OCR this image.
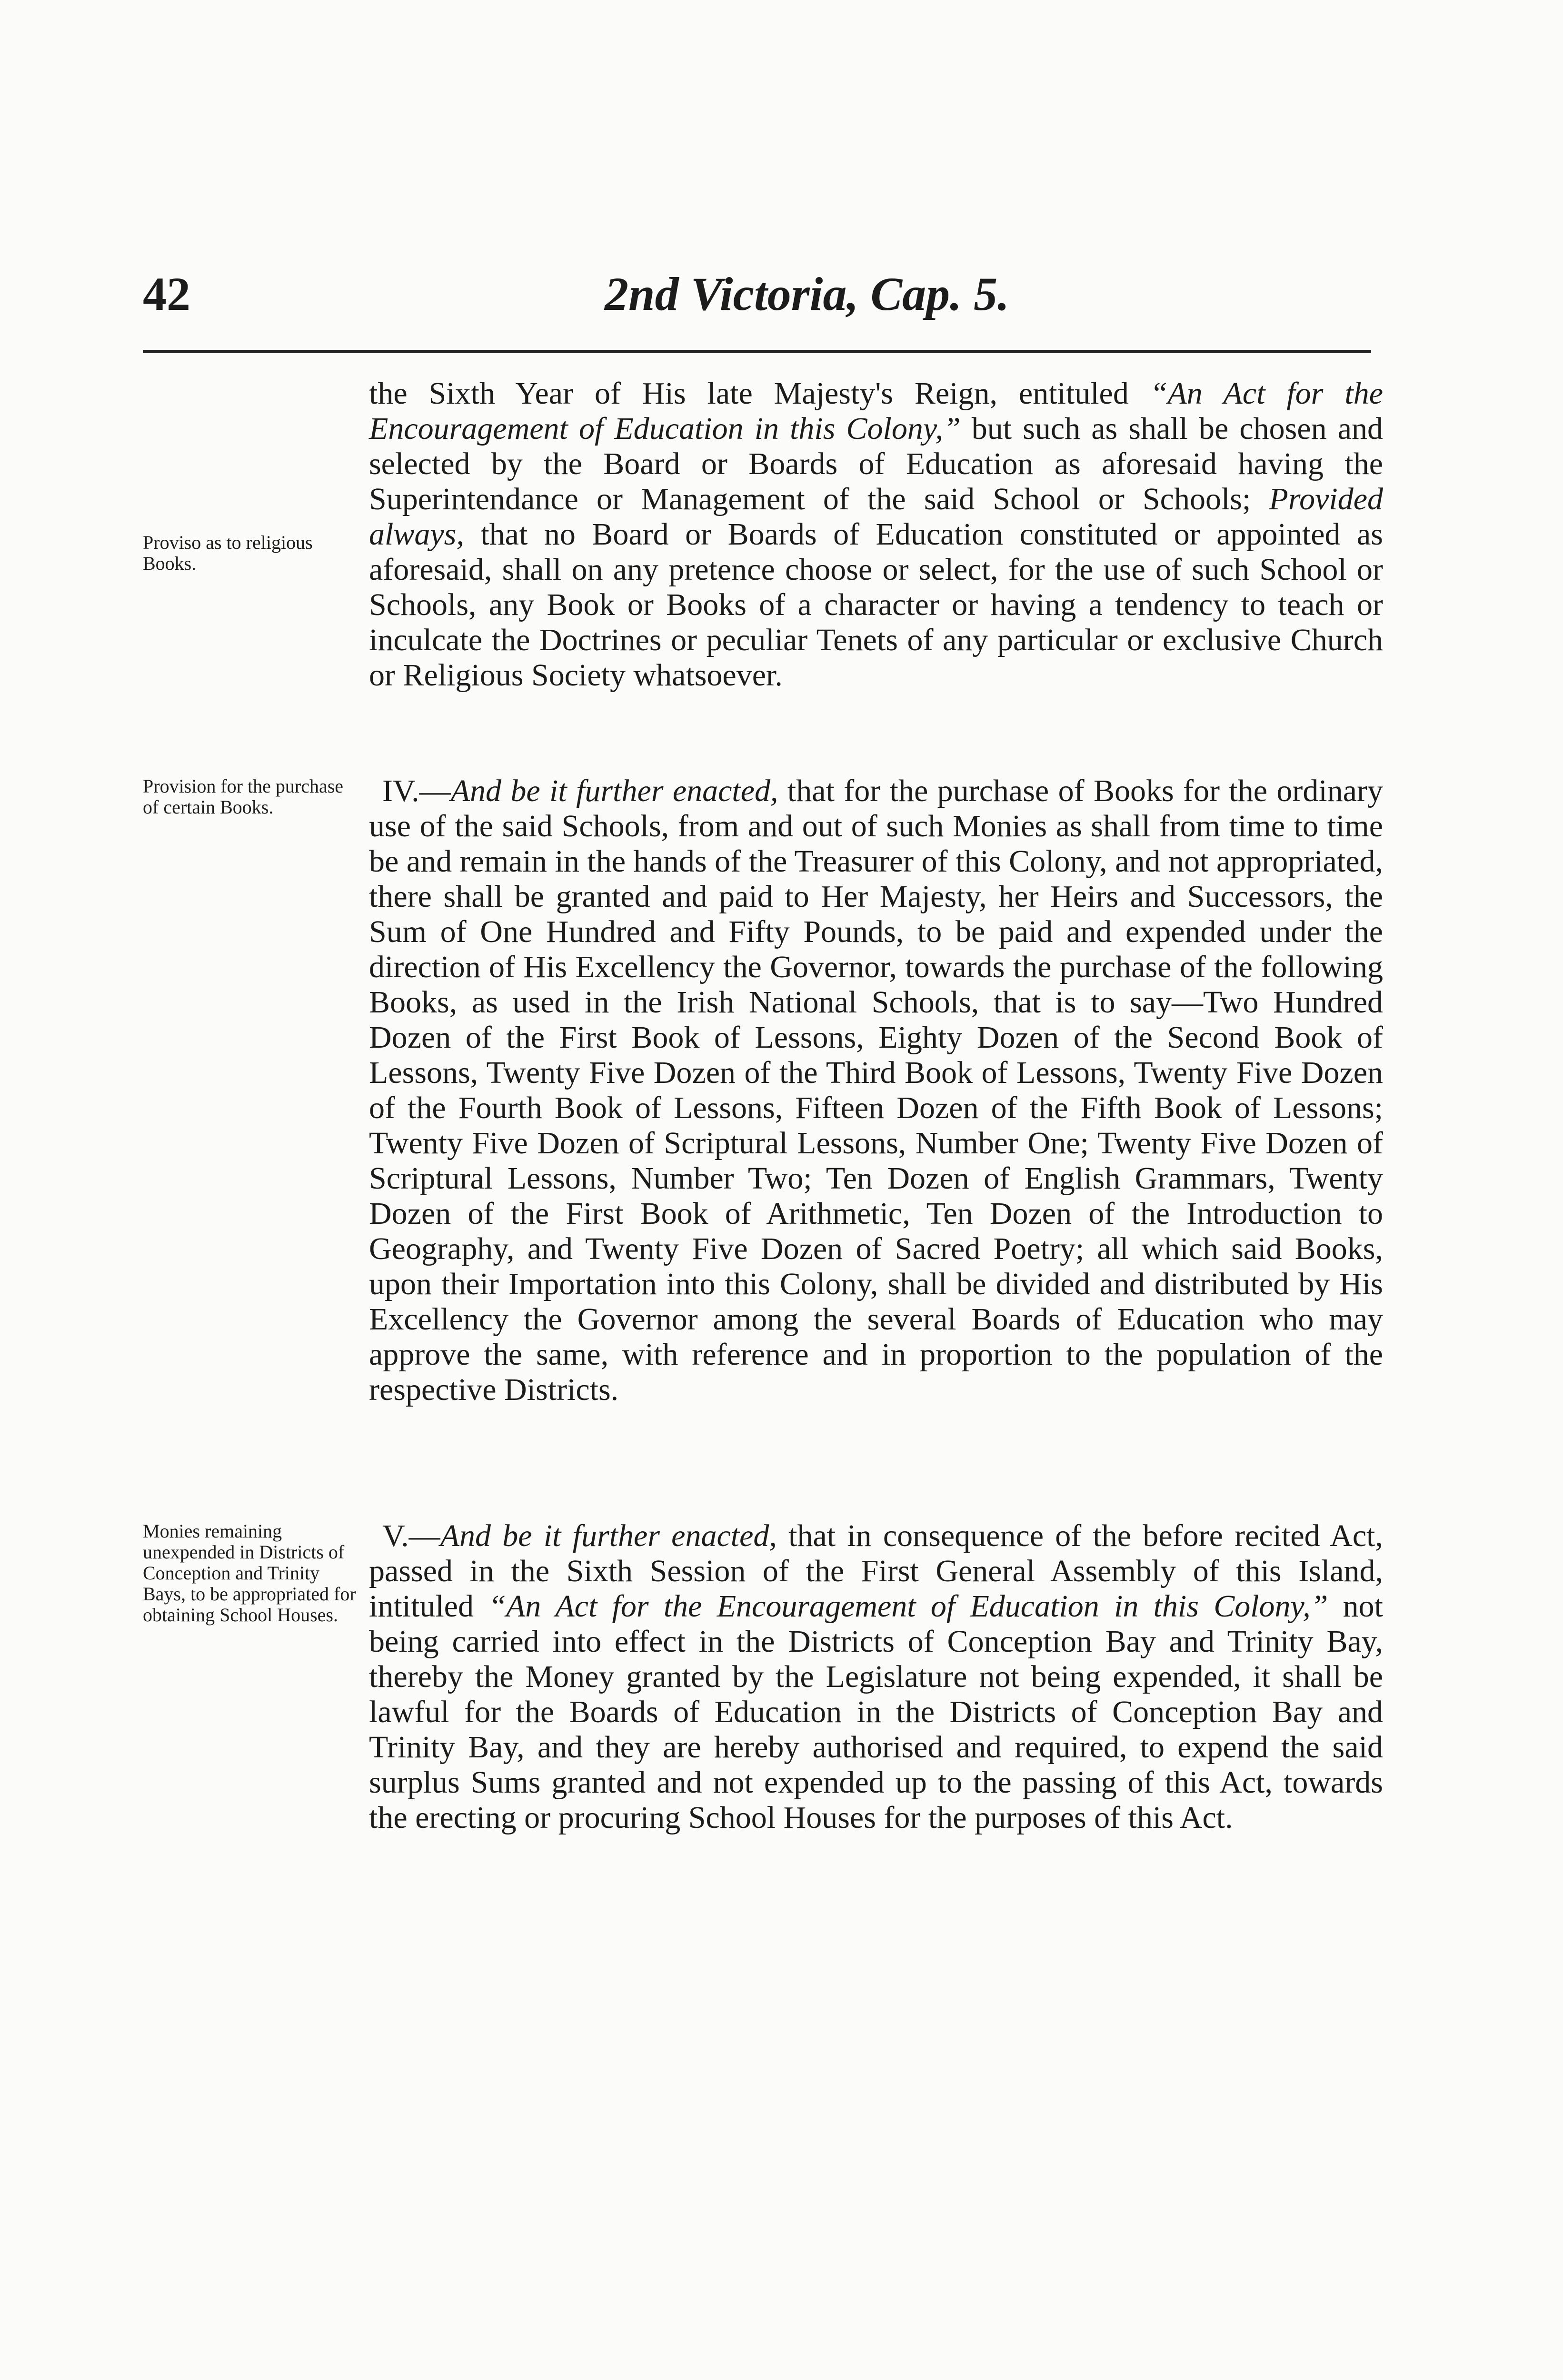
42	2nd Victoria, Cap. 5.

Proviso as to religious Books.

Provision for the purchase of certain Books.

Monies remaining unexpended in Districts of Conception and Trinity Bays, to be appropriated for obtaining School Houses.

the Sixth Year of His late Majesty's Reign, entituled “An Act for the Encouragement of Education in this Colony,” but such as shall be chosen and selected by the Board or Boards of Education as aforesaid having the Superintendance or Management of the said School or Schools; Provided always, that no Board or Boards of Education constituted or appointed as aforesaid, shall on any pretence choose or select, for the use of such School or Schools, any Book or Books of a character or having a tendency to teach or inculcate the Doctrines or peculiar Tenets of any particular or exclusive Church or Religious Society whatsoever.

IV.—And be it further enacted, that for the purchase of Books for the ordinary use of the said Schools, from and out of such Monies as shall from time to time be and remain in the hands of the Treasurer of this Colony, and not appropriated, there shall be granted and paid to Her Majesty, her Heirs and Successors, the Sum of One Hundred and Fifty Pounds, to be paid and expended under the direction of His Excellency the Governor, towards the purchase of the following Books, as used in the Irish National Schools, that is to say—Two Hundred Dozen of the First Book of Lessons, Eighty Dozen of the Second Book of Lessons, Twenty Five Dozen of the Third Book of Lessons, Twenty Five Dozen of the Fourth Book of Lessons, Fifteen Dozen of the Fifth Book of Lessons; Twenty Five Dozen of Scriptural Lessons, Number One; Twenty Five Dozen of Scriptural Lessons, Number Two; Ten Dozen of English Grammars, Twenty Dozen of the First Book of Arithmetic, Ten Dozen of the Introduction to Geography, and Twenty Five Dozen of Sacred Poetry; all which said Books, upon their Importation into this Colony, shall be divided and distributed by His Excellency the Governor among the several Boards of Education who may approve the same, with reference and in proportion to the population of the respective Districts.

V.—And be it further enacted, that in consequence of the before recited Act, passed in the Sixth Session of the First General Assembly of this Island, intituled “An Act for the Encouragement of Education in this Colony,” not being carried into effect in the Districts of Conception Bay and Trinity Bay, thereby the Money granted by the Legislature not being expended, it shall be lawful for the Boards of Education in the Districts of Conception Bay and Trinity Bay, and they are hereby authorised and required, to expend the said surplus Sums granted and not expended up to the passing of this Act, towards the erecting or procuring School Houses for the purposes of this Act.
